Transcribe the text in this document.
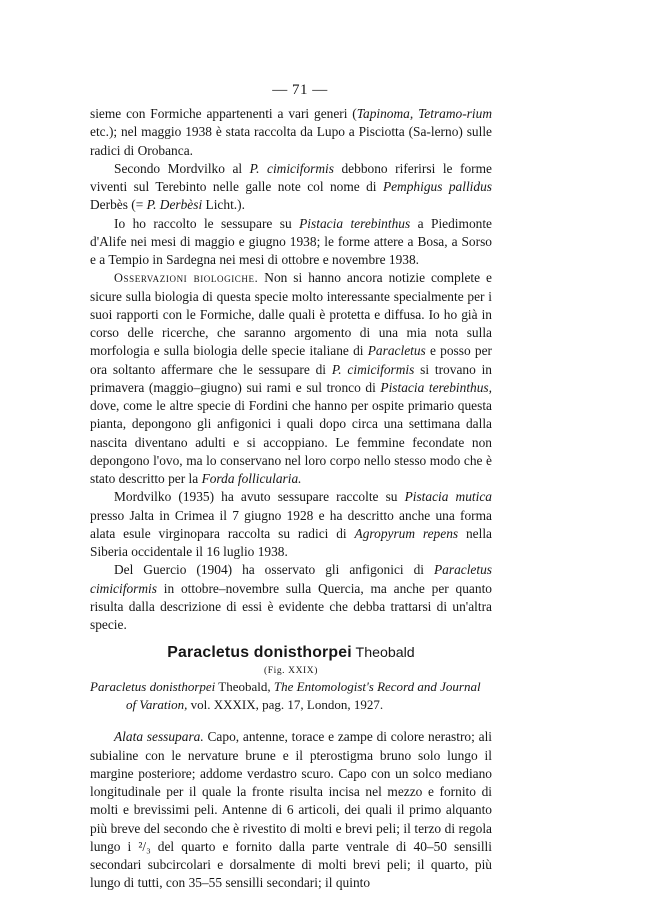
— 71 —

sieme con Formiche appartenenti a vari generi (Tapinoma, Tetramo-rium etc.); nel maggio 1938 è stata raccolta da Lupo a Pisciotta (Sa-lerno) sulle radici di Orobanca.

Secondo Mordvilko al P. cimiciformis debbono riferirsi le forme viventi sul Terebinto nelle galle note col nome di Pemphigus pallidus Derbès (= P. Derbèsi Licht.).

Io ho raccolto le sessupare su Pistacia terebinthus a Piedimonte d'Alife nei mesi di maggio e giugno 1938; le forme attere a Bosa, a Sorso e a Tempio in Sardegna nei mesi di ottobre e novembre 1938.

Osservazioni biologiche. Non si hanno ancora notizie complete e sicure sulla biologia di questa specie molto interessante specialmente per i suoi rapporti con le Formiche, dalle quali è protetta e diffusa. Io ho già in corso delle ricerche, che saranno argomento di una mia nota sulla morfologia e sulla biologia delle specie italiane di Paracletus e posso per ora soltanto affermare che le sessupare di P. cimiciformis si trovano in primavera (maggio–giugno) sui rami e sul tronco di Pistacia terebinthus, dove, come le altre specie di Fordini che hanno per ospite primario questa pianta, depongono gli anfigonici i quali dopo circa una settimana dalla nascita diventano adulti e si accoppiano. Le femmine fecondate non depongono l'ovo, ma lo conservano nel loro corpo nello stesso modo che è stato descritto per la Forda follicularia.

Mordvilko (1935) ha avuto sessupare raccolte su Pistacia mutica presso Jalta in Crimea il 7 giugno 1928 e ha descritto anche una forma alata esule virginopara raccolta su radici di Agropyrum repens nella Siberia occidentale il 16 luglio 1938.

Del Guercio (1904) ha osservato gli anfigonici di Paracletus cimiciformis in ottobre–novembre sulla Quercia, ma anche per quanto risulta dalla descrizione di essi è evidente che debba trattarsi di un'altra specie.

Paracletus donisthorpei Theobald
(Fig. XXIX)
Paracletus donisthorpei Theobald, The Entomologist's Record and Journal
of Varation, vol. XXXIX, pag. 17, London, 1927.

Alata sessupara. Capo, antenne, torace e zampe di colore nerastro; ali subialine con le nervature brune e il pterostigma bruno solo lungo il margine posteriore; addome verdastro scuro. Capo con un solco mediano longitudinale per il quale la fronte risulta incisa nel mezzo e fornito di molti e brevissimi peli. Antenne di 6 articoli, dei quali il primo alquanto più breve del secondo che è rivestito di molti e brevi peli; il terzo di regola lungo i ²/₃ del quarto e fornito dalla parte ventrale di 40–50 sensilli secondari subcircolari e dorsalmente di molti brevi peli; il quarto, più lungo di tutti, con 35–55 sensilli secondari; il quinto
